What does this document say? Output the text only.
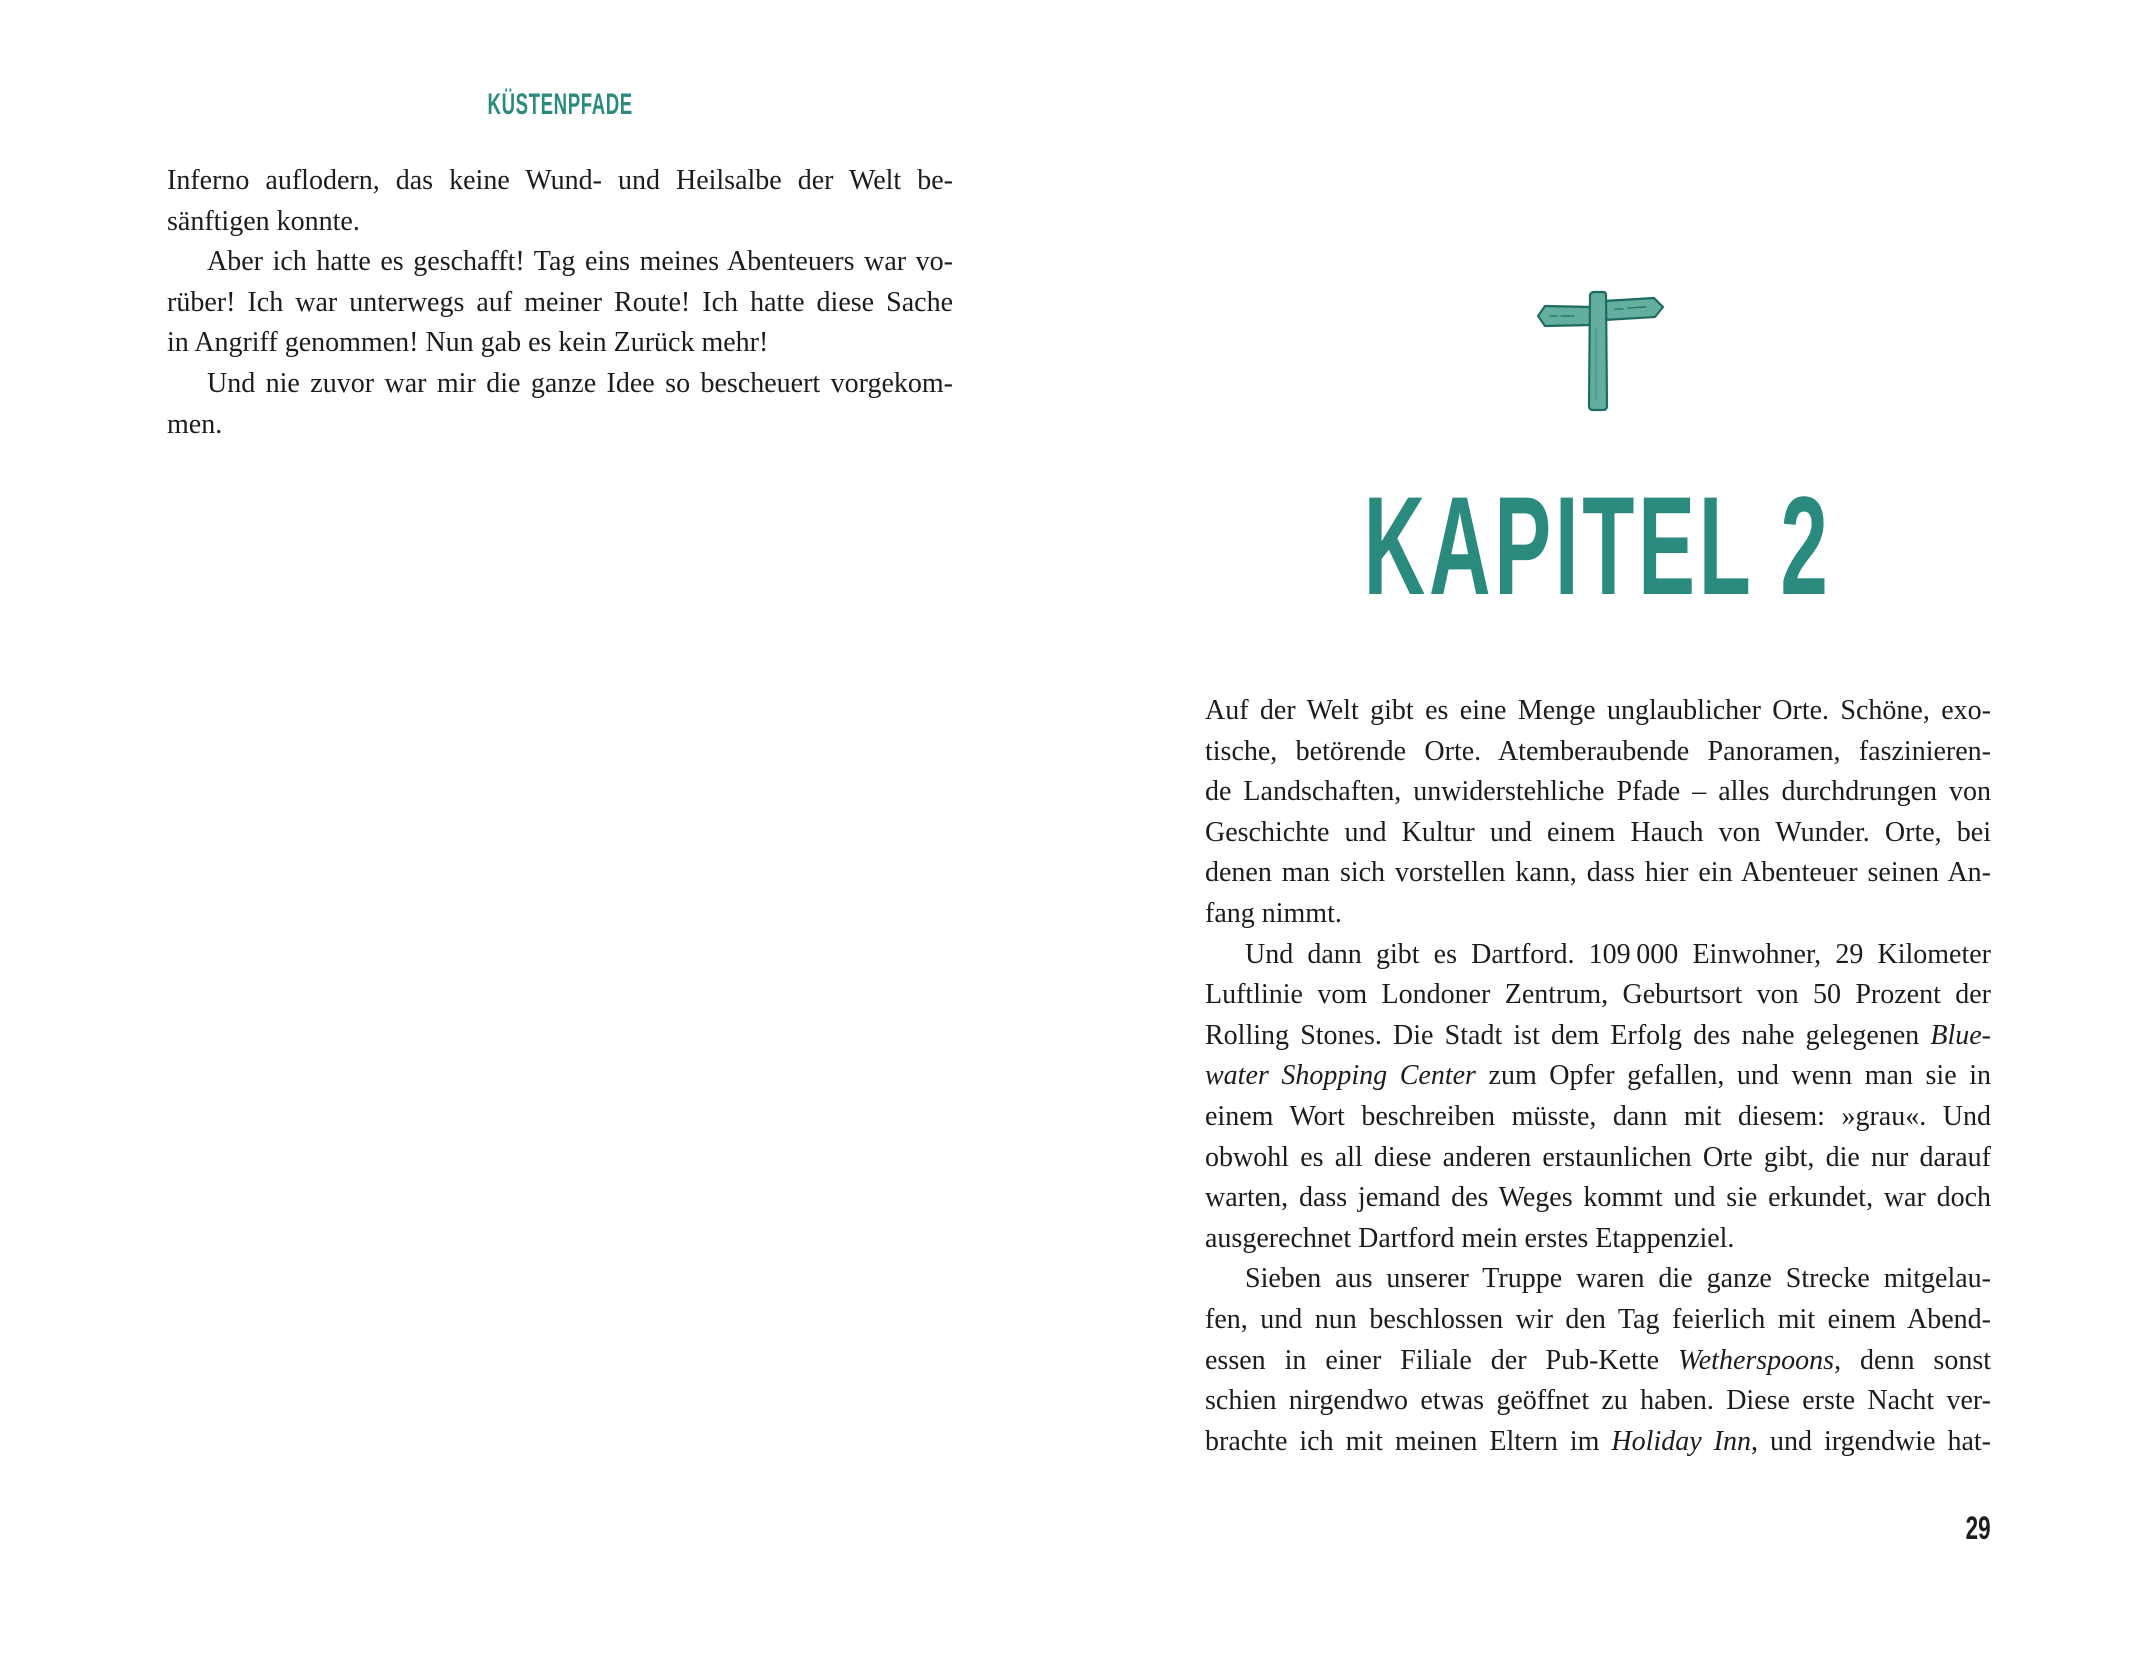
KÜSTENPFADE
Inferno auflodern, das keine Wund- und Heilsalbe der Welt be-
sänftigen konnte.
Aber ich hatte es geschafft! Tag eins meines Abenteuers war vo-
rüber! Ich war unterwegs auf meiner Route! Ich hatte diese Sache
in Angriff genommen! Nun gab es kein Zurück mehr!
Und nie zuvor war mir die ganze Idee so bescheuert vorgekom-
men.
KAPITEL 2
Auf der Welt gibt es eine Menge unglaublicher Orte. Schöne, exo-
tische, betörende Orte. Atemberaubende Panoramen, faszinieren-
de Landschaften, unwiderstehliche Pfade – alles durchdrungen von
Geschichte und Kultur und einem Hauch von Wunder. Orte, bei
denen man sich vorstellen kann, dass hier ein Abenteuer seinen An-
fang nimmt.
Und dann gibt es Dartford. 109 000 Einwohner, 29 Kilometer
Luftlinie vom Londoner Zentrum, Geburtsort von 50 Prozent der
Rolling Stones. Die Stadt ist dem Erfolg des nahe gelegenen Blue-
water Shopping Center zum Opfer gefallen, und wenn man sie in
einem Wort beschreiben müsste, dann mit diesem: »grau«. Und
obwohl es all diese anderen erstaunlichen Orte gibt, die nur darauf
warten, dass jemand des Weges kommt und sie erkundet, war doch
ausgerechnet Dartford mein erstes Etappenziel.
Sieben aus unserer Truppe waren die ganze Strecke mitgelau-
fen, und nun beschlossen wir den Tag feierlich mit einem Abend-
essen in einer Filiale der Pub-Kette Wetherspoons, denn sonst
schien nirgendwo etwas geöffnet zu haben. Diese erste Nacht ver-
brachte ich mit meinen Eltern im Holiday Inn, und irgendwie hat-
29
